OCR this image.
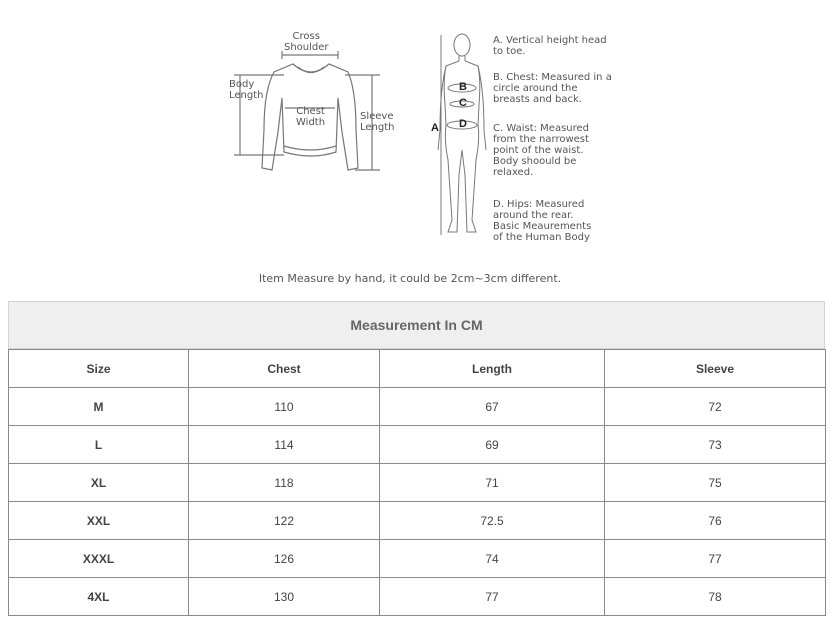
Cross
Shoulder
Body
Length
Chest
Width
Sleeve
Length	A
B
C
D
A. Vertical height head
to toe.
B. Chest: Measured in a
circle around the
breasts and back.
C. Waist: Measured
from the narrowest
point of the waist.
Body shoould be
relaxed.
D. Hips: Measured
around the rear.
Basic Meaurements
of the Human Body
Item Measure by hand, it could be 2cm~3cm different.
Measurement In CM
Size	Chest	Length	Sleeve
M	110	67	72
L	114	69	73
XL	118	71	75
XXL	122	72.5	76
XXXL	126	74	77
4XL	130	77	78
